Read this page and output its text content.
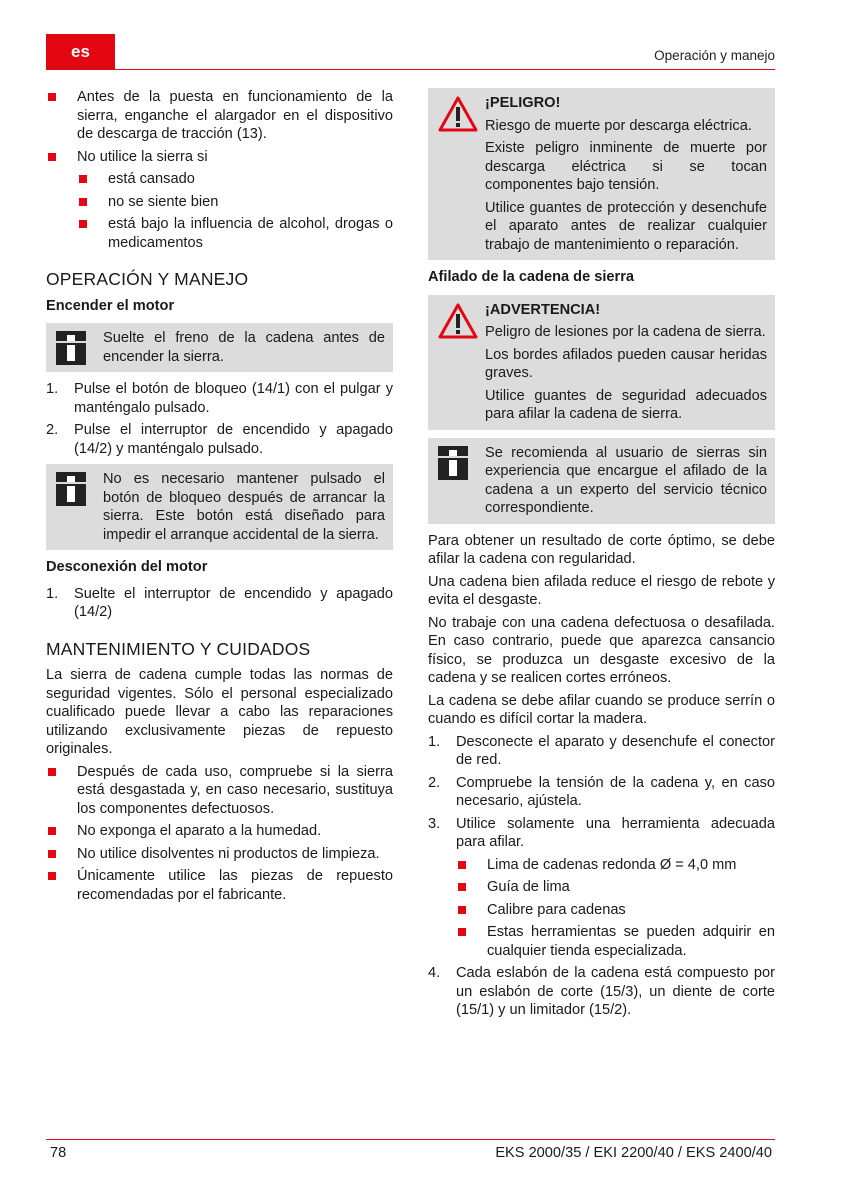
es	Operación y manejo
Antes de la puesta en funcionamiento de la sierra, enganche el alargador en el dispositivo de descarga de tracción (13).
No utilice la sierra si
está cansado
no se siente bien
está bajo la influencia de alcohol, drogas o medicamentos
OPERACIÓN Y MANEJO
Encender el motor

Suelte el freno de la cadena antes de encender la sierra.

1. Pulse el botón de bloqueo (14/1) con el pulgar y manténgalo pulsado.
2. Pulse el interruptor de encendido y apagado (14/2) y manténgalo pulsado.

No es necesario mantener pulsado el botón de bloqueo después de arrancar la sierra. Este botón está diseñado para impedir el arranque accidental de la sierra.

Desconexión del motor
1. Suelte el interruptor de encendido y apagado (14/2)
MANTENIMIENTO Y CUIDADOS

La sierra de cadena cumple todas las normas de seguridad vigentes. Sólo el personal especializado cualificado puede llevar a cabo las reparaciones utilizando exclusivamente piezas de repuesto originales.

Después de cada uso, compruebe si la sierra está desgastada y, en caso necesario, sustituya los componentes defectuosos.
No exponga el aparato a la humedad.
No utilice disolventes ni productos de limpieza.
Únicamente utilice las piezas de repuesto recomendadas por el fabricante.

¡PELIGRO!

Riesgo de muerte por descarga eléctrica.

Existe peligro inminente de muerte por descarga eléctrica si se tocan componentes bajo tensión.

Utilice guantes de protección y desenchufe el aparato antes de realizar cualquier trabajo de mantenimiento o reparación.

Afilado de la cadena de sierra

¡ADVERTENCIA!

Peligro de lesiones por la cadena de sierra.

Los bordes afilados pueden causar heridas graves.

Utilice guantes de seguridad adecuados para afilar la cadena de sierra.

Se recomienda al usuario de sierras sin experiencia que encargue el afilado de la cadena a un experto del servicio técnico correspondiente.

Para obtener un resultado de corte óptimo, se debe afilar la cadena con regularidad.

Una cadena bien afilada reduce el riesgo de rebote y evita el desgaste.

No trabaje con una cadena defectuosa o desafilada. En caso contrario, puede que aparezca cansancio físico, se produzca un desgaste excesivo de la cadena y se realicen cortes erróneos.

La cadena se debe afilar cuando se produce serrín o cuando es difícil cortar la madera.

1. Desconecte el aparato y desenchufe el conector de red.
2. Compruebe la tensión de la cadena y, en caso necesario, ajústela.
3. Utilice solamente una herramienta adecuada para afilar.
Lima de cadenas redonda Ø = 4,0 mm
Guía de lima
Calibre para cadenas
Estas herramientas se pueden adquirir en cualquier tienda especializada.
4. Cada eslabón de la cadena está compuesto por un eslabón de corte (15/3), un diente de corte (15/1) y un limitador (15/2).
78	EKS 2000/35 / EKI 2200/40 / EKS 2400/40
